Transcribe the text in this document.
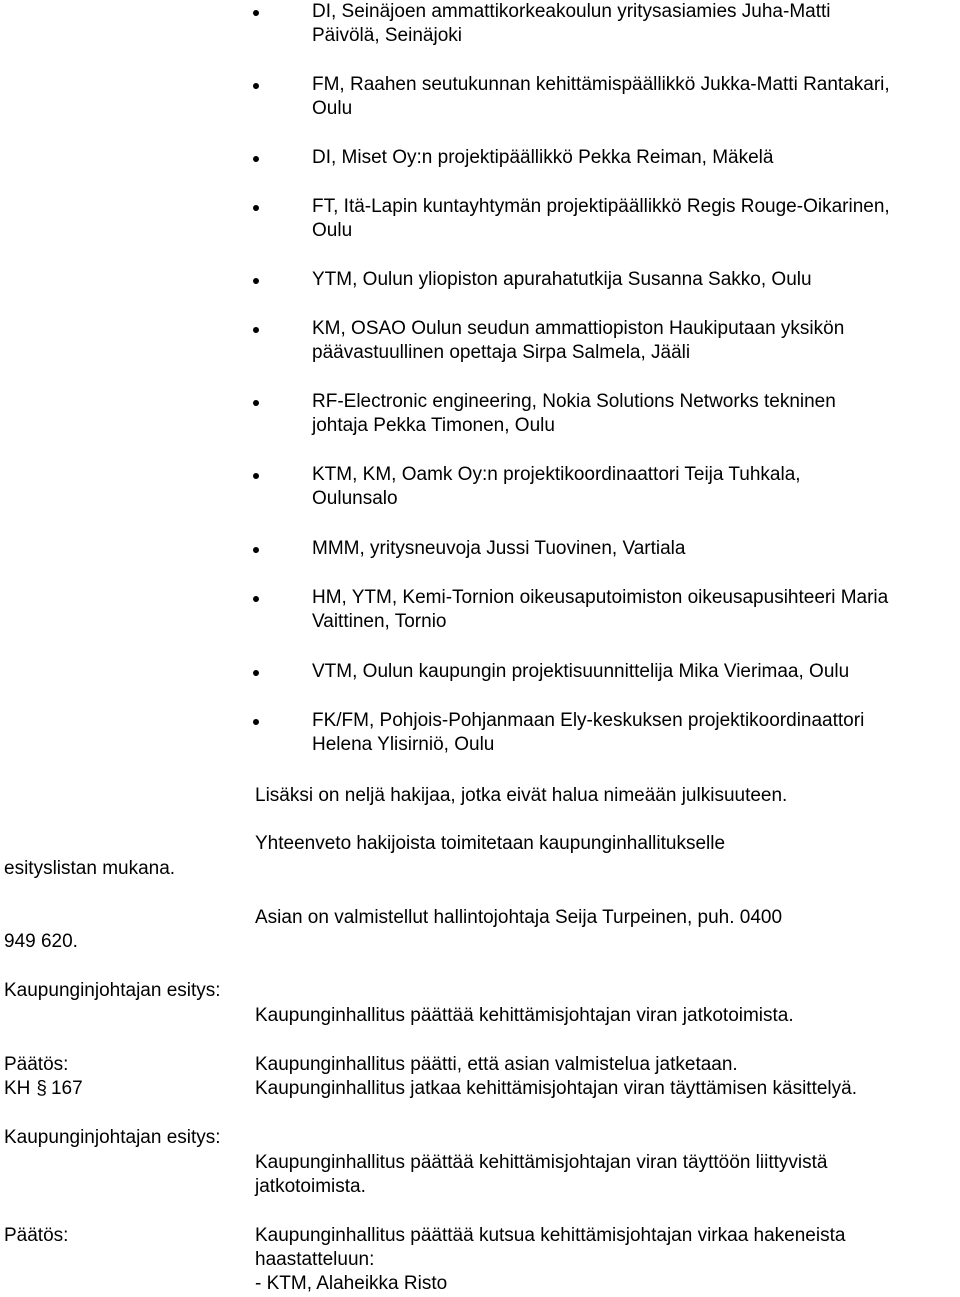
DI, Seinäjoen ammattikorkeakoulun yritysasiamies Juha-Matti
Päivölä, Seinäjoki
FM, Raahen seutukunnan kehittämispäällikkö Jukka-Matti Rantakari,
Oulu
DI, Miset Oy:n projektipäällikkö Pekka Reiman, Mäkelä
FT, Itä-Lapin kuntayhtymän projektipäällikkö Regis Rouge-Oikarinen,
Oulu
YTM, Oulun yliopiston apurahatutkija Susanna Sakko, Oulu
KM, OSAO Oulun seudun ammattiopiston Haukiputaan yksikön
päävastuullinen opettaja Sirpa Salmela, Jääli
RF-Electronic engineering, Nokia Solutions Networks tekninen
johtaja Pekka Timonen, Oulu
KTM, KM, Oamk Oy:n projektikoordinaattori Teija Tuhkala,
Oulunsalo
MMM, yritysneuvoja Jussi Tuovinen, Vartiala
HM, YTM, Kemi-Tornion oikeusaputoimiston oikeusapusihteeri Maria
Vaittinen, Tornio
VTM, Oulun kaupungin projektisuunnittelija Mika Vierimaa, Oulu
FK/FM, Pohjois-Pohjanmaan Ely-keskuksen projektikoordinaattori
Helena Ylisirniö, Oulu
Lisäksi on neljä hakijaa, jotka eivät halua nimeään julkisuuteen.
Yhteenveto hakijoista toimitetaan kaupunginhallitukselle
esityslistan mukana.
Asian on valmistellut hallintojohtaja Seija Turpeinen, puh. 0400
949 620.
Kaupunginjohtajan esitys:
Kaupunginhallitus päättää kehittämisjohtajan viran jatkotoimista.
Päätös:
KH § 167
Kaupunginhallitus päätti, että asian valmistelua jatketaan.
Kaupunginhallitus jatkaa kehittämisjohtajan viran täyttämisen käsittelyä.
Kaupunginjohtajan esitys:
Kaupunginhallitus päättää kehittämisjohtajan viran täyttöön liittyvistä
jatkotoimista.
Päätös:	Kaupunginhallitus päättää kutsua kehittämisjohtajan virkaa hakeneista
haastatteluun:
- KTM, Alaheikka Risto
